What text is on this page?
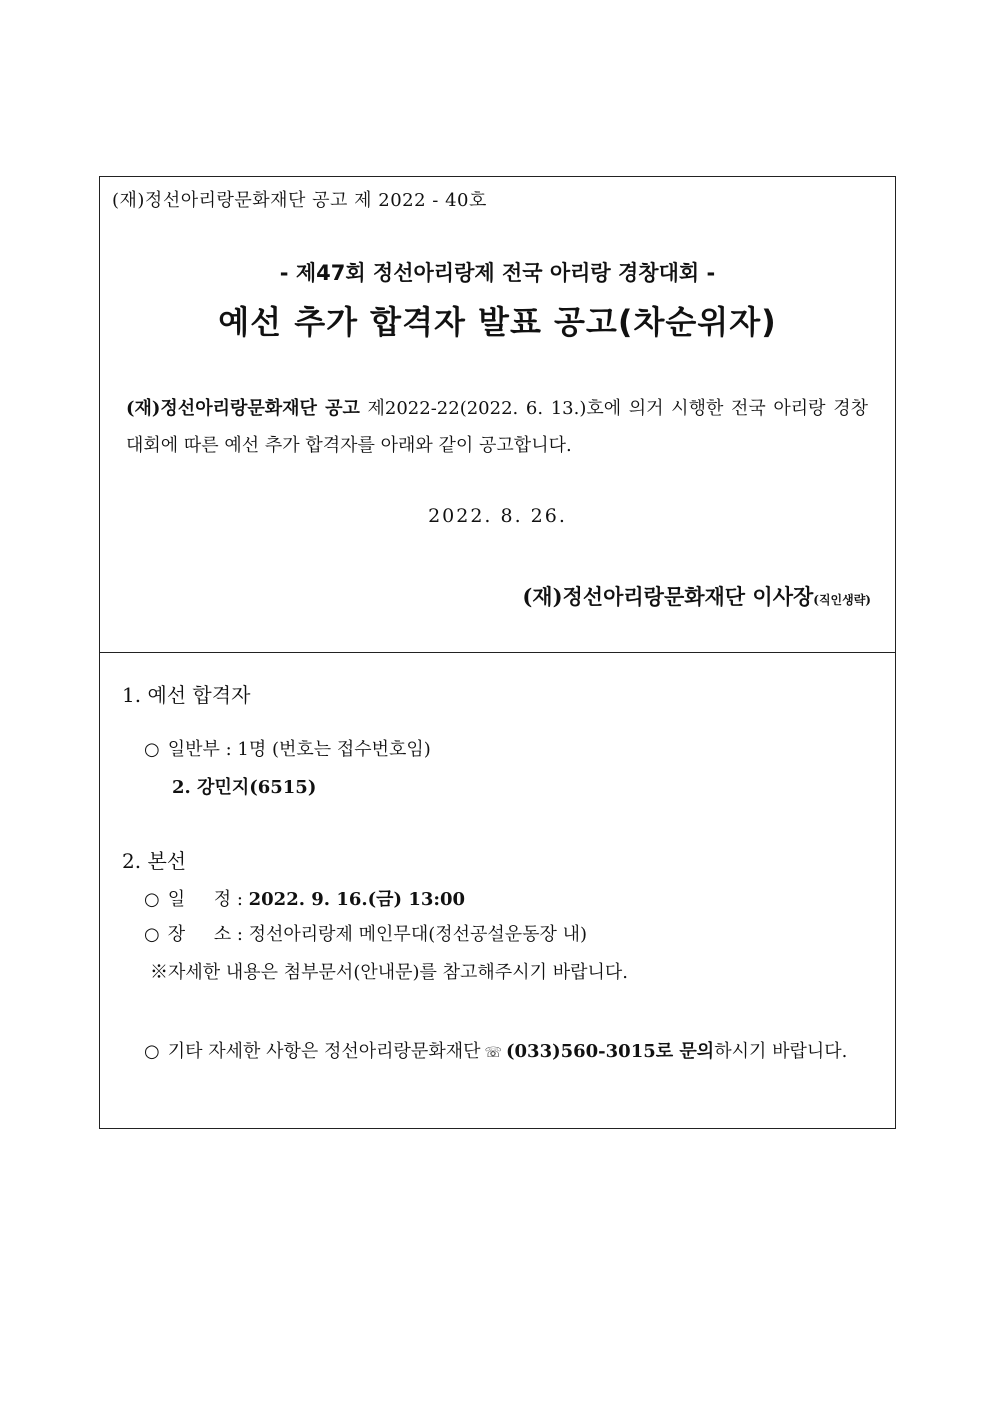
(재)정선아리랑문화재단 공고 제 2022 - 40호
- 제47회 정선아리랑제 전국 아리랑 경창대회 -
예선 추가 합격자 발표 공고(차순위자)
(재)정선아리랑문화재단 공고 제2022-22(2022. 6. 13.)호에 의거 시행한 전국 아리랑 경창대회에 따른 예선 추가 합격자를 아래와 같이 공고합니다.
2022. 8. 26.
(재)정선아리랑문화재단 이사장(직인생략)
1. 예선 합격자
○ 일반부 : 1명 (번호는 접수번호임)
2. 강민지(6515)
2. 본선
○ 일     정 : 2022. 9. 16.(금) 13:00
○ 장     소 : 정선아리랑제 메인무대(정선공설운동장 내)
※자세한 내용은 첨부문서(안내문)를 참고해주시기 바랍니다.
○ 기타 자세한 사항은 정선아리랑문화재단 ☏ (033)560-3015로 문의하시기 바랍니다.
